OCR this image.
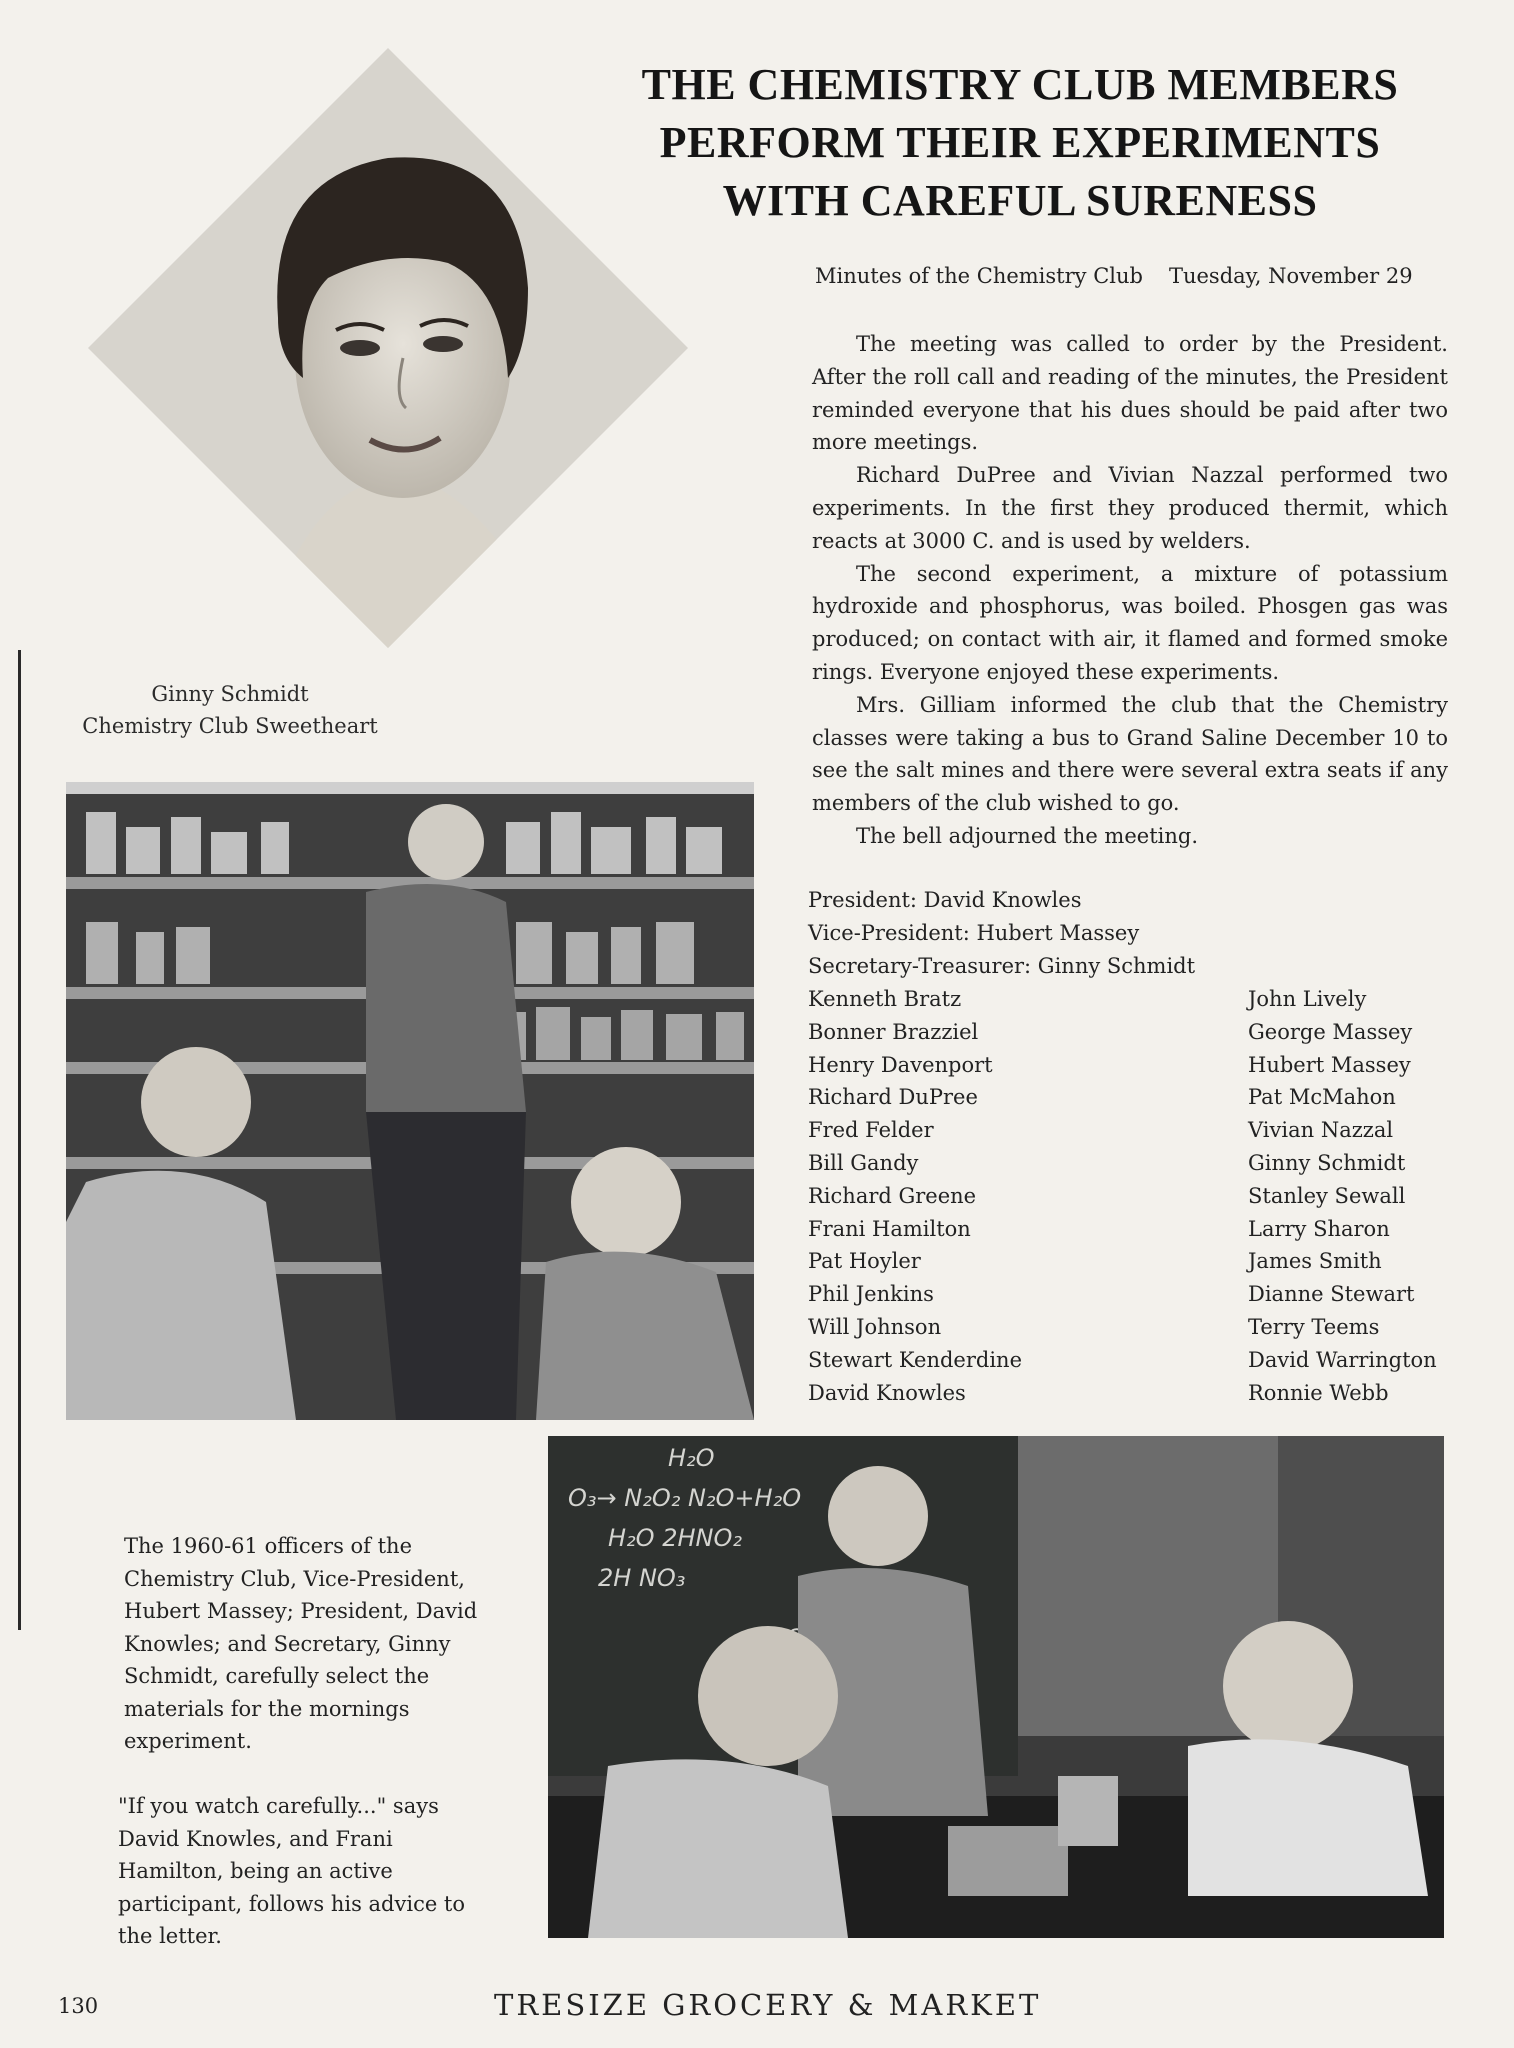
Ginny Schmidt
Chemistry Club Sweetheart
THE CHEMISTRY CLUB MEMBERS
PERFORM THEIR EXPERIMENTS
WITH CAREFUL SURENESS
Minutes of the Chemistry Club Tuesday, November 29

The meeting was called to order by the President. After the roll call and reading of the minutes, the President reminded everyone that his dues should be paid after two more meetings.

Richard DuPree and Vivian Nazzal performed two experiments. In the first they produced thermit, which reacts at 3000 C. and is used by welders.

The second experiment, a mixture of potassium hydroxide and phosphorus, was boiled. Phosgen gas was produced; on contact with air, it flamed and formed smoke rings. Everyone enjoyed these experiments.

Mrs. Gilliam informed the club that the Chemistry classes were taking a bus to Grand Saline December 10 to see the salt mines and there were several extra seats if any members of the club wished to go.

The bell adjourned the meeting.

President: David Knowles
Vice-President: Hubert Massey
Secretary-Treasurer: Ginny Schmidt
Kenneth Bratz
Bonner Brazziel
Henry Davenport
Richard DuPree
Fred Felder
Bill Gandy
Richard Greene
Frani Hamilton
Pat Hoyler
Phil Jenkins
Will Johnson
Stewart Kenderdine
David Knowles
John Lively
George Massey
Hubert Massey
Pat McMahon
Vivian Nazzal
Ginny Schmidt
Stanley Sewall
Larry Sharon
James Smith
Dianne Stewart
Terry Teems
David Warrington
Ronnie Webb
H₂O
O₃→ N₂O₂ N₂O+H₂O
H₂O 2HNO₂
2H NO₃
The 1960-61 officers of the Chemistry Club, Vice-President, Hubert Massey; President, David Knowles; and Secretary, Ginny Schmidt, carefully select the materials for the mornings experiment.
"If you watch carefully..." says David Knowles, and Frani Hamilton, being an active participant, follows his advice to the letter.
130	TRESIZE GROCERY & MARKET
